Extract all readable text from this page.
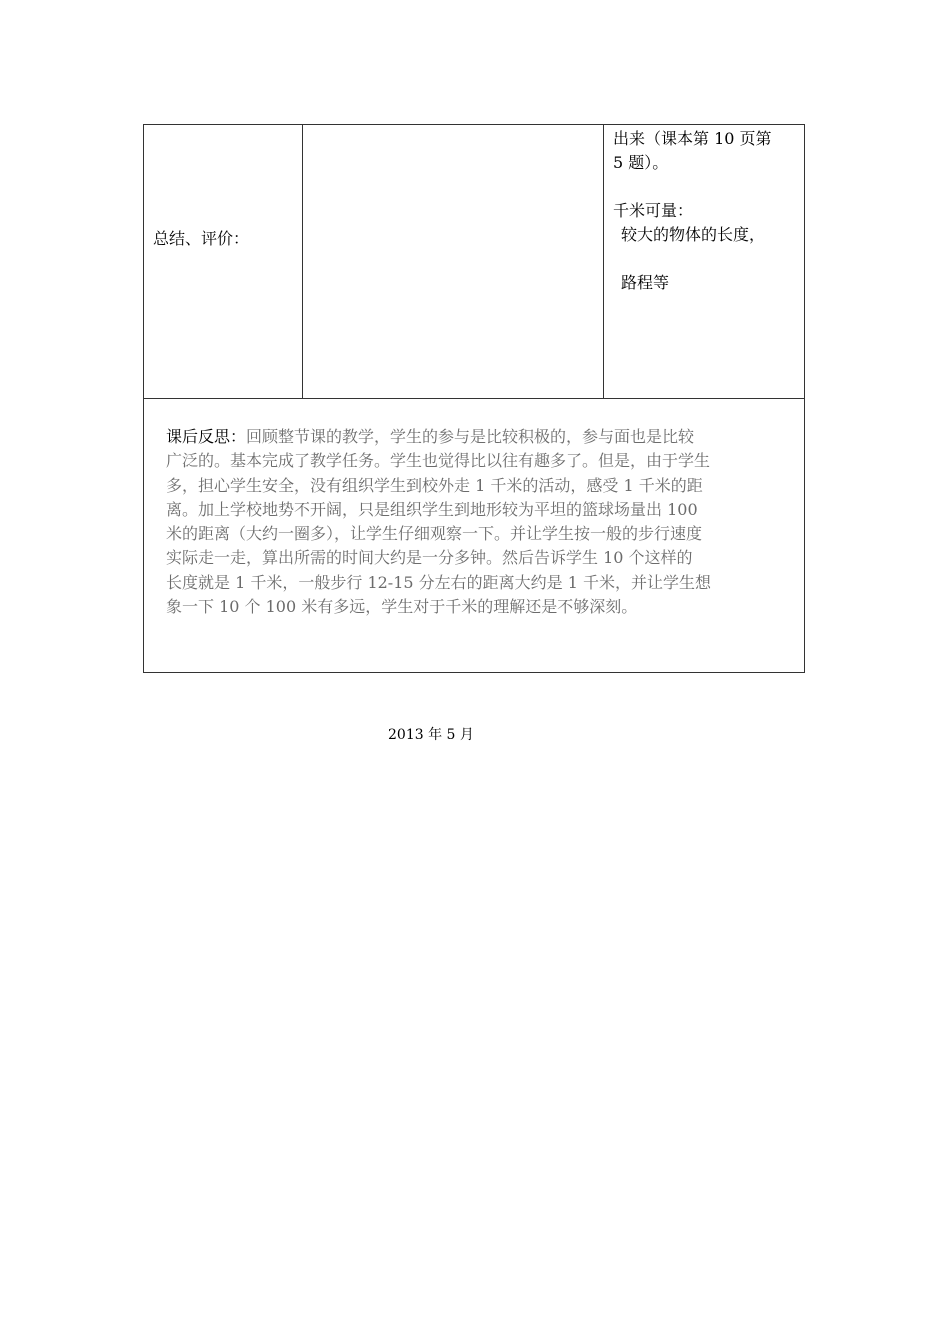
总结、评价：

出来（课本第 10 页第
5 题）。
千米可量：
较大的物体的长度，
路程等

课后反思：回顾整节课的教学，学生的参与是比较积极的，参与面也是比较
广泛的。基本完成了教学任务。学生也觉得比以往有趣多了。但是，由于学生
多，担心学生安全，没有组织学生到校外走 1 千米的活动，感受 1 千米的距
离。加上学校地势不开阔，只是组织学生到地形较为平坦的篮球场量出 100
米的距离（大约一圈多），让学生仔细观察一下。并让学生按一般的步行速度
实际走一走，算出所需的时间大约是一分多钟。然后告诉学生 10 个这样的
长度就是 1 千米，一般步行 12-15 分左右的距离大约是 1 千米，并让学生想
象一下 10 个 100 米有多远，学生对于千米的理解还是不够深刻。
2013 年 5 月
